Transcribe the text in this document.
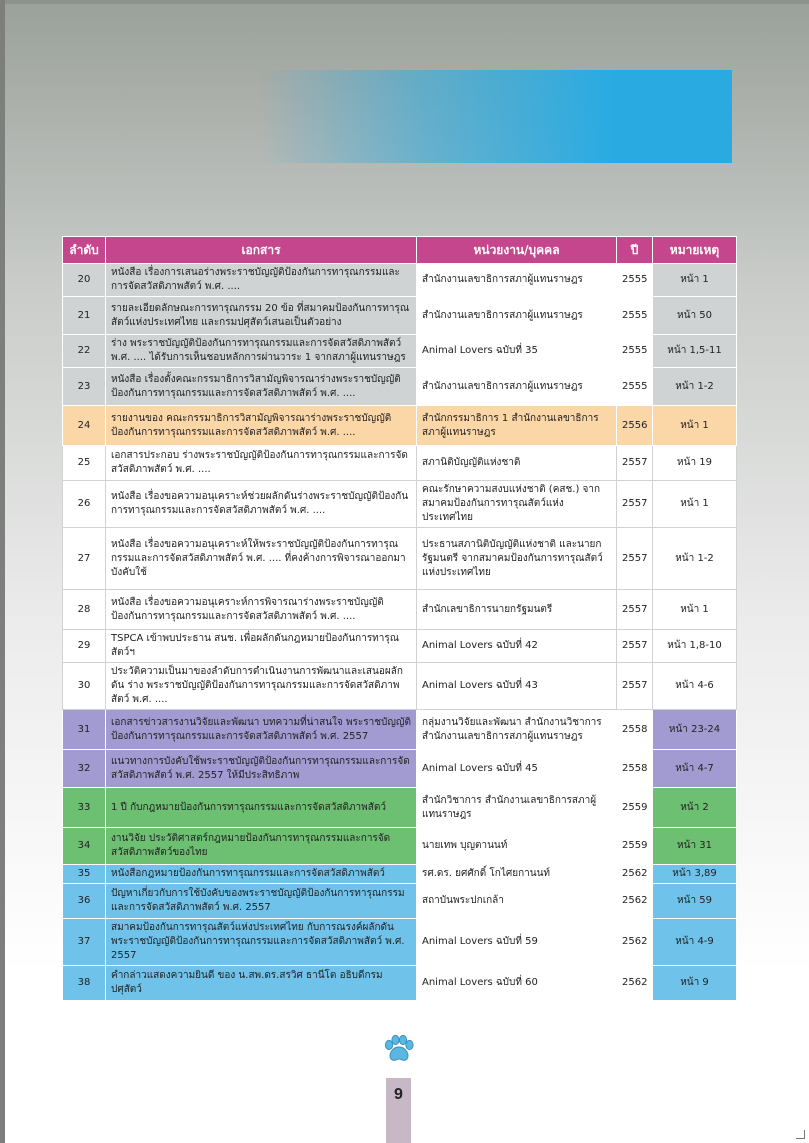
ลำดับ	เอกสาร	หน่วยงาน/บุคคล	ปี	หมายเหตุ
20	หนังสือ เรื่องการเสนอร่างพระราชบัญญัติป้องกันการทารุณกรรมและการจัดสวัสดิภาพสัตว์ พ.ศ. ....	สำนักงานเลขาธิการสภาผู้แทนราษฎร	2555	หน้า 1
21	รายละเอียดลักษณะการทารุณกรรม 20 ข้อ ที่สมาคมป้องกันการทารุณสัตว์แห่งประเทศไทย และกรมปศุสัตว์เสนอเป็นตัวอย่าง	สำนักงานเลขาธิการสภาผู้แทนราษฎร	2555	หน้า 50
22	ร่าง พระราชบัญญัติป้องกันการทารุณกรรมและการจัดสวัสดิภาพสัตว์ พ.ศ. .... ได้รับการเห็นชอบหลักการผ่านวาระ 1 จากสภาผู้แทนราษฎร	Animal Lovers ฉบับที่ 35	2555	หน้า 1,5-11
23	หนังสือ เรื่องตั้งคณะกรรมาธิการวิสามัญพิจารณาร่างพระราชบัญญัติป้องกันการทารุณกรรมและการจัดสวัสดิภาพสัตว์ พ.ศ. ....	สำนักงานเลขาธิการสภาผู้แทนราษฎร	2555	หน้า 1-2
24	รายงานของ คณะกรรมาธิการวิสามัญพิจารณาร่างพระราชบัญญัติป้องกันการทารุณกรรมและการจัดสวัสดิภาพสัตว์ พ.ศ. ....	สำนักกรรมาธิการ 1 สำนักงานเลขาธิการสภาผู้แทนราษฎร	2556	หน้า 1
25	เอกสารประกอบ ร่างพระราชบัญญัติป้องกันการทารุณกรรมและการจัดสวัสดิภาพสัตว์ พ.ศ. ....	สภานิติบัญญัติแห่งชาติ	2557	หน้า 19
26	หนังสือ เรื่องขอความอนุเคราะห์ช่วยผลักดันร่างพระราชบัญญัติป้องกันการทารุณกรรมและการจัดสวัสดิภาพสัตว์ พ.ศ. ....	คณะรักษาความสงบแห่งชาติ (คสช.) จากสมาคมป้องกันการทารุณสัตว์แห่งประเทศไทย	2557	หน้า 1
27	หนังสือ เรื่องขอความอนุเคราะห์ให้พระราชบัญญัติป้องกันการทารุณกรรมและการจัดสวัสดิภาพสัตว์ พ.ศ. .... ที่คงค้างการพิจารณาออกมาบังคับใช้	ประธานสภานิติบัญญัติแห่งชาติ และนายกรัฐมนตรี จากสมาคมป้องกันการทารุณสัตว์แห่งประเทศไทย	2557	หน้า 1-2
28	หนังสือ เรื่องขอความอนุเคราะห์การพิจารณาร่างพระราชบัญญัติป้องกันการทารุณกรรมและการจัดสวัสดิภาพสัตว์ พ.ศ. ....	สำนักเลขาธิการนายกรัฐมนตรี	2557	หน้า 1
29	TSPCA เข้าพบประธาน สนช. เพื่อผลักดันกฎหมายป้องกันการทารุณสัตว์ฯ	Animal Lovers ฉบับที่ 42	2557	หน้า 1,8-10
30	ประวัติความเป็นมาของลำดับการดำเนินงานการพัฒนาและเสนอผลักดัน ร่าง พระราชบัญญัติป้องกันการทารุณกรรมและการจัดสวัสดิภาพสัตว์ พ.ศ. ....	Animal Lovers ฉบับที่ 43	2557	หน้า 4-6
31	เอกสารข่าวสารงานวิจัยและพัฒนา บทความที่น่าสนใจ พระราชบัญญัติป้องกันการทารุณกรรมและการจัดสวัสดิภาพสัตว์ พ.ศ. 2557	กลุ่มงานวิจัยและพัฒนา สำนักงานวิชาการ สำนักงานเลขาธิการสภาผู้แทนราษฎร	2558	หน้า 23-24
32	แนวทางการบังคับใช้พระราชบัญญัติป้องกันการทารุณกรรมและการจัดสวัสดิภาพสัตว์ พ.ศ. 2557 ให้มีประสิทธิภาพ	Animal Lovers ฉบับที่ 45	2558	หน้า 4-7
33	1 ปี กับกฎหมายป้องกันการทารุณกรรมและการจัดสวัสดิภาพสัตว์	สำนักวิชาการ สำนักงานเลขาธิการสภาผู้แทนราษฎร	2559	หน้า 2
34	งานวิจัย ประวัติศาสตร์กฎหมายป้องกันการทารุณกรรมและการจัดสวัสดิภาพสัตว์ของไทย	นายเทพ บุญตานนท์	2559	หน้า 31
35	หนังสือกฎหมายป้องกันการทารุณกรรมและการจัดสวัสดิภาพสัตว์	รศ.ดร. ยศศักดิ์ โกไศยกานนท์	2562	หน้า 3,89
36	ปัญหาเกี่ยวกับการใช้บังคับของพระราชบัญญัติป้องกันการทารุณกรรมและการจัดสวัสดิภาพสัตว์ พ.ศ. 2557	สถาบันพระปกเกล้า	2562	หน้า 59
37	สมาคมป้องกันการทารุณสัตว์แห่งประเทศไทย กับการณรงค์ผลักดันพระราชบัญญัติป้องกันการทารุณกรรมและการจัดสวัสดิภาพสัตว์ พ.ศ. 2557	Animal Lovers ฉบับที่ 59	2562	หน้า 4-9
38	คำกล่าวแสดงความยินดี ของ น.สพ.ดร.สรวิศ ธานีโต อธิบดีกรมปศุสัตว์	Animal Lovers ฉบับที่ 60	2562	หน้า 9
9
